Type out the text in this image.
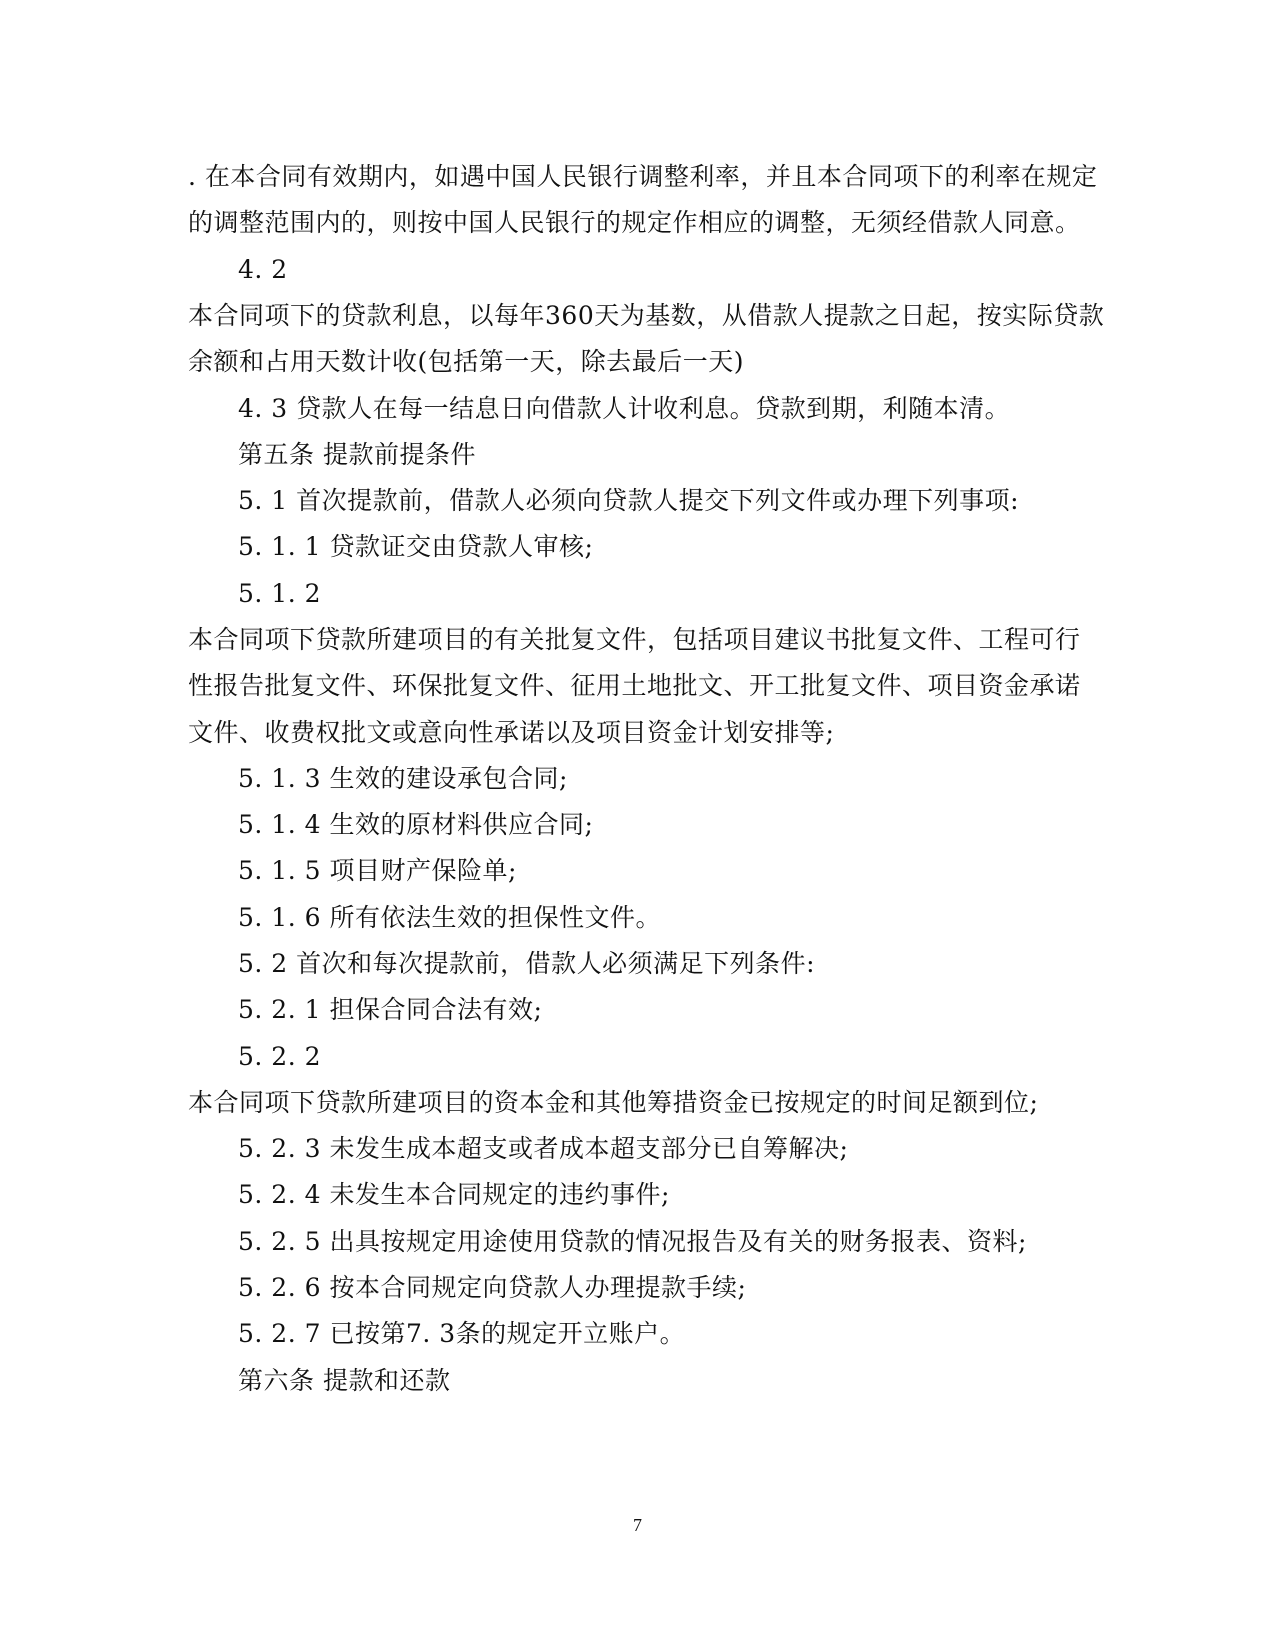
. 在本合同有效期内，如遇中国人民银行调整利率，并且本合同项下的利率在规定
的调整范围内的，则按中国人民银行的规定作相应的调整，无须经借款人同意。
4. 2
本合同项下的贷款利息，以每年360天为基数，从借款人提款之日起，按实际贷款
余额和占用天数计收(包括第一天，除去最后一天)
4. 3 贷款人在每一结息日向借款人计收利息。贷款到期，利随本清。
第五条 提款前提条件
5. 1 首次提款前，借款人必须向贷款人提交下列文件或办理下列事项:
5. 1. 1 贷款证交由贷款人审核;
5. 1. 2
本合同项下贷款所建项目的有关批复文件，包括项目建议书批复文件、工程可行
性报告批复文件、环保批复文件、征用土地批文、开工批复文件、项目资金承诺
文件、收费权批文或意向性承诺以及项目资金计划安排等;
5. 1. 3 生效的建设承包合同;
5. 1. 4 生效的原材料供应合同;
5. 1. 5 项目财产保险单;
5. 1. 6 所有依法生效的担保性文件。
5. 2 首次和每次提款前，借款人必须满足下列条件:
5. 2. 1 担保合同合法有效;
5. 2. 2
本合同项下贷款所建项目的资本金和其他筹措资金已按规定的时间足额到位;
5. 2. 3 未发生成本超支或者成本超支部分已自筹解决;
5. 2. 4 未发生本合同规定的违约事件;
5. 2. 5 出具按规定用途使用贷款的情况报告及有关的财务报表、资料;
5. 2. 6 按本合同规定向贷款人办理提款手续;
5. 2. 7 已按第7. 3条的规定开立账户。
第六条 提款和还款
7
